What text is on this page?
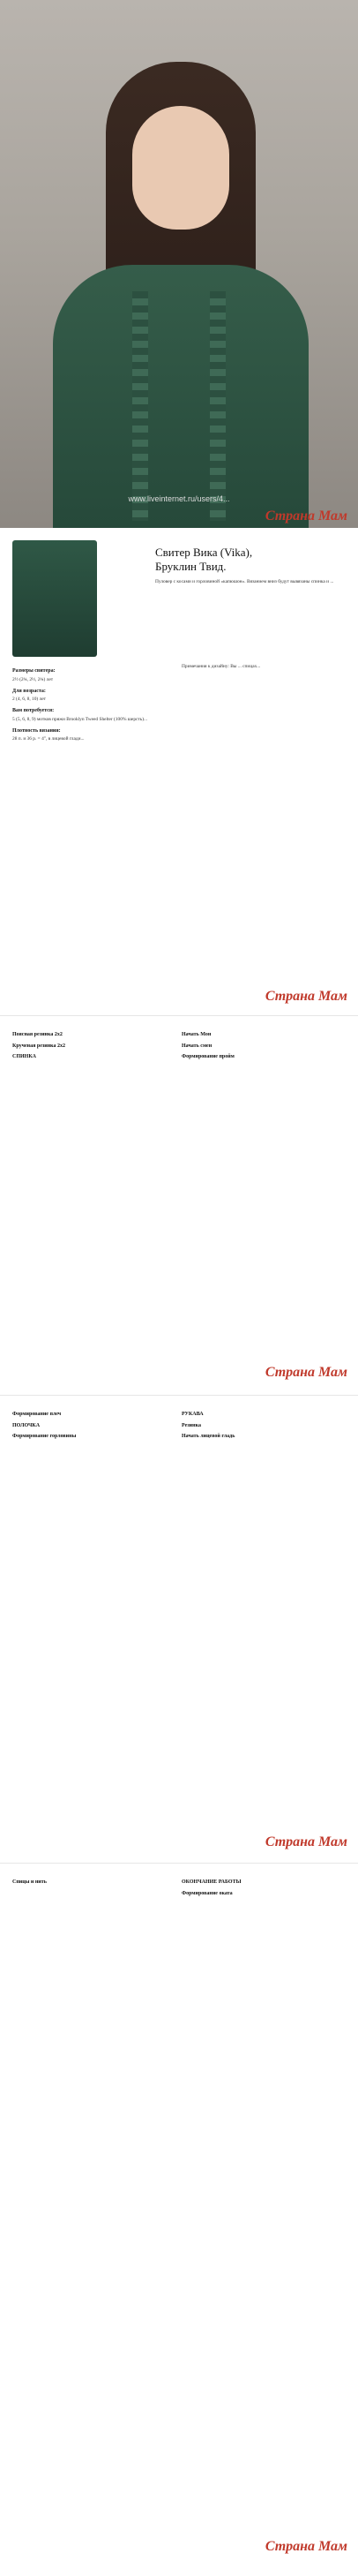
www.liveinternet.ru/users/4...
Страна Мам
Свитер Вика (Vika),
Бруклин Твид.

Пуловер с косами и горловиной «капюшон». Вязанием вниз будут вывязаны спинка и ...

Размеры свитера:

2½ (2¾, 2½, 2¾) лет

Для возраста:

2 (4, 6, 8, 10) лет

Вам потребуется:

5 (5, 6, 8, 9) мотков пряжи Brooklyn Tweed Shelter (100% шерсть)...

Плотность вязания:

28 п. и 36 р. = 4", в лицевой глади...

Примечания к дизайну: Вы ... спицах...

Страна Мам
Поясная резинка 2х2
Крученая резинка 2х2
СПИНКА
Начать Мон
Начать смен
Формирование пройм
Страна Мам
Формирование плеч
ПОЛОЧКА
Формирование горловины
РУКАВА
Резинка
Начать лицевой гладь
Страна Мам
Спицы и нить	ОКОНЧАНИЕ РАБОТЫ
Формирование окатa
Страна Мам
